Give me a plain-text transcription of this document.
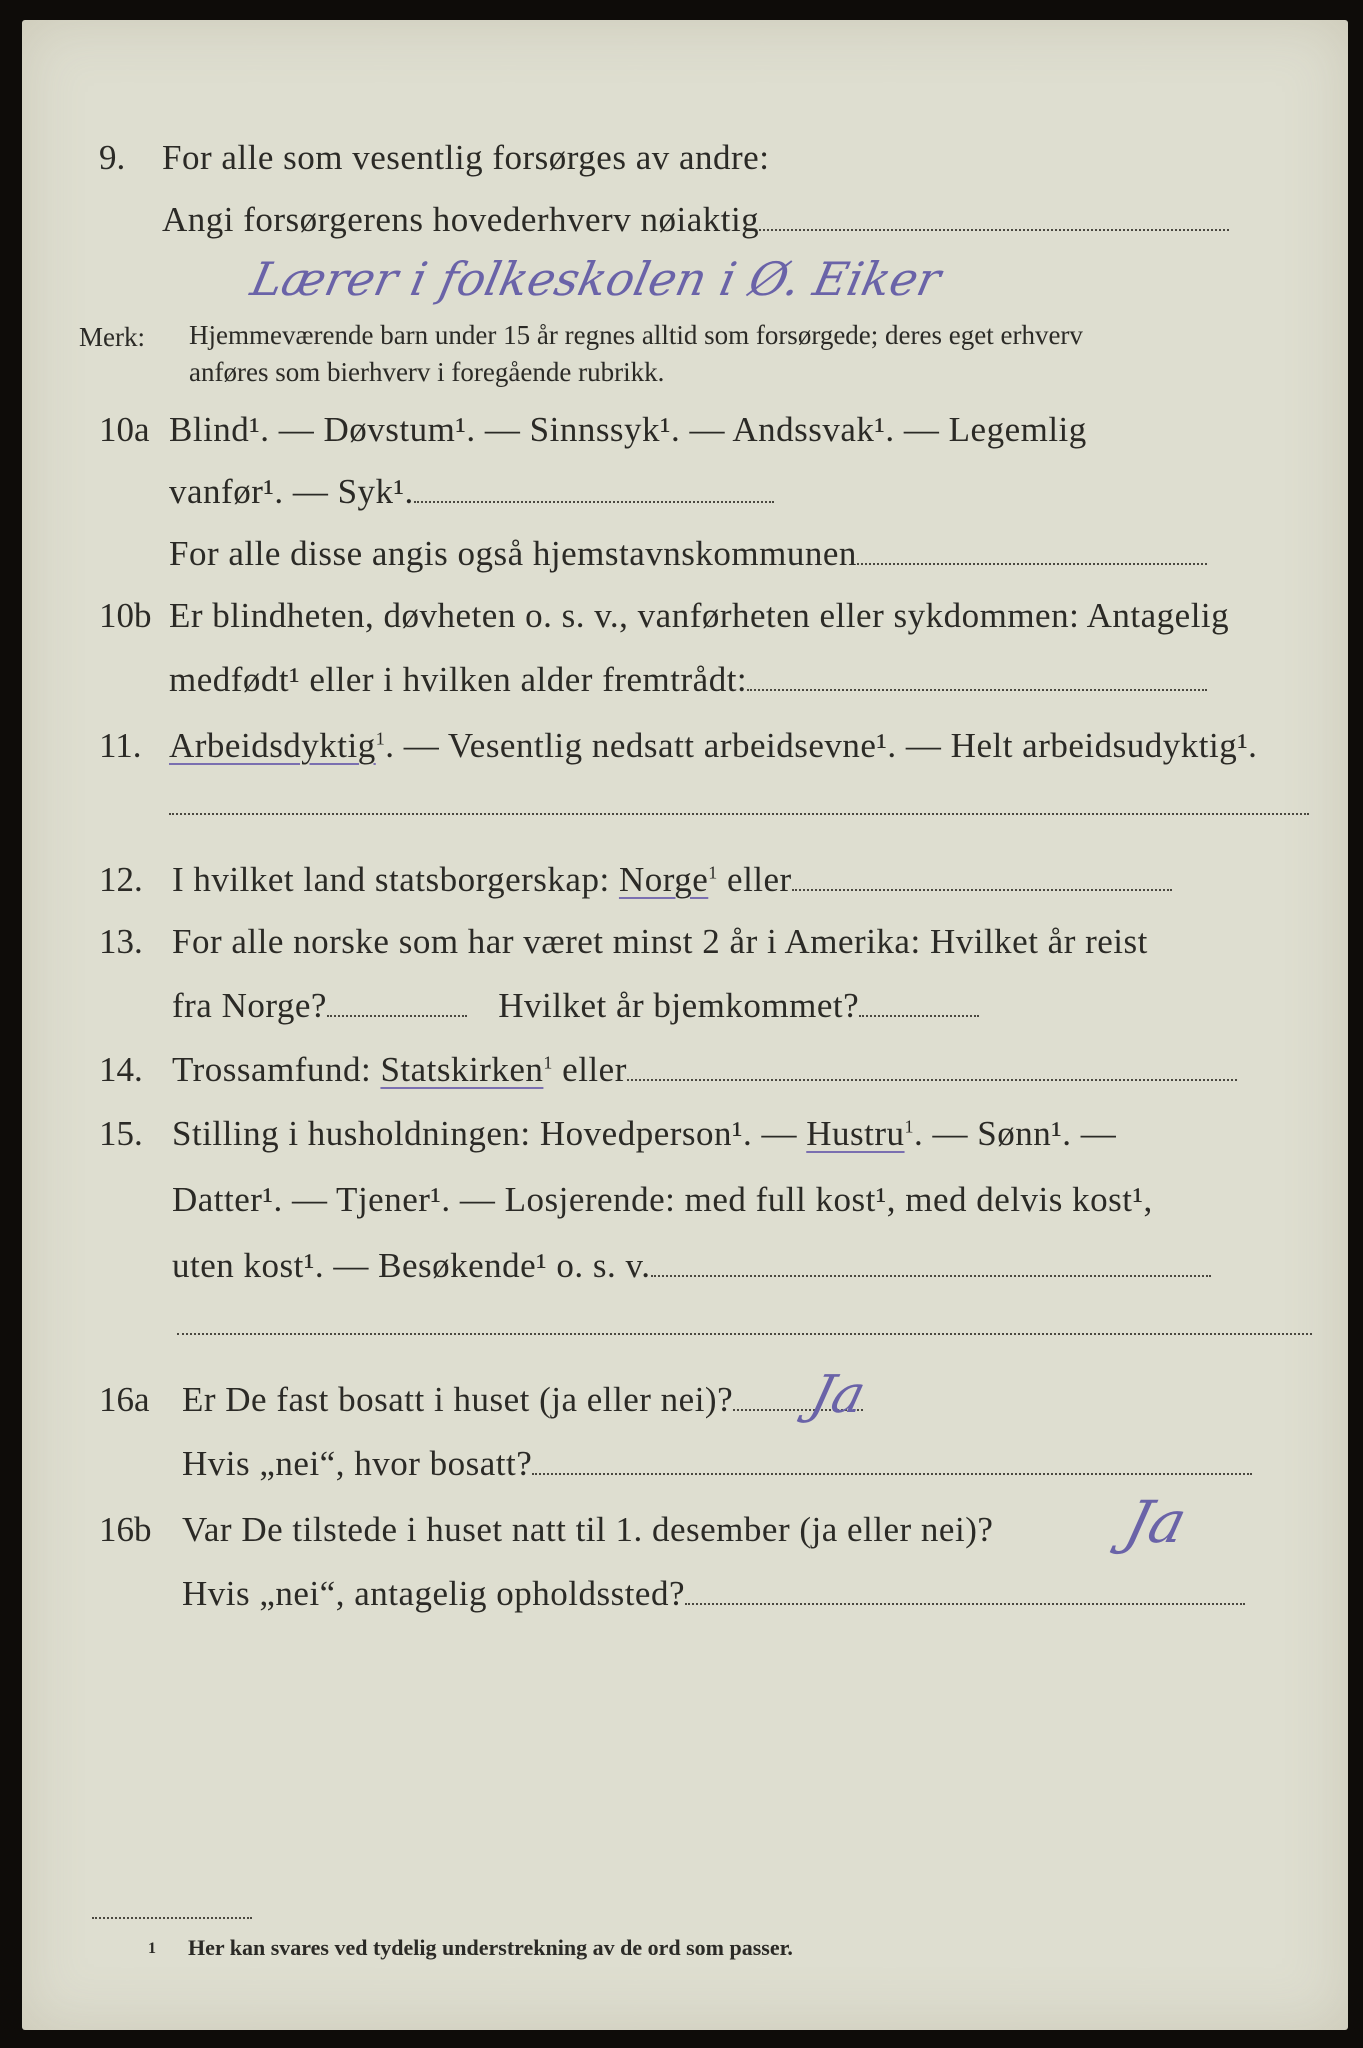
9. For alle som vesentlig forsørges av andre:
Angi forsørgerens hovederhverv nøiaktig
Lærer i folkeskolen i Ø. Eiker
Merk: Hjemmeværende barn under 15 år regnes alltid som forsørgede; deres eget erhverv
anføres som bierhverv i foregående rubrikk.
10a Blind¹. — Døvstum¹. — Sinnssyk¹. — Andssvak¹. — Legemlig
vanfør¹. — Syk¹.
For alle disse angis også hjemstavnskommunen
10b Er blindheten, døvheten o. s. v., vanførheten eller sykdommen: Antagelig
medfødt¹ eller i hvilken alder fremtrådt:
11. Arbeidsdyktig$^1$. — Vesentlig nedsatt arbeidsevne¹. — Helt arbeidsudyktig¹.
12. I hvilket land statsborgerskap: Norge$^1$ eller
13. For alle norske som har været minst 2 år i Amerika: Hvilket år reist
fra Norge?	Hvilket år bjemkommet?
14. Trossamfund: Statskirken$^1$ eller
15. Stilling i husholdningen: Hovedperson¹. — Hustru$^1$. — Sønn¹. —
Datter¹. — Tjener¹. — Losjerende: med full kost¹, med delvis kost¹,
uten kost¹. — Besøkende¹ o. s. v.
16a Er De fast bosatt i huset (ja eller nei)?	Ja
Hvis „nei“, hvor bosatt?
16b Var De tilstede i huset natt til 1. desember (ja eller nei)? Ja
Hvis „nei“, antagelig opholdssted?
1 Her kan svares ved tydelig understrekning av de ord som passer.
